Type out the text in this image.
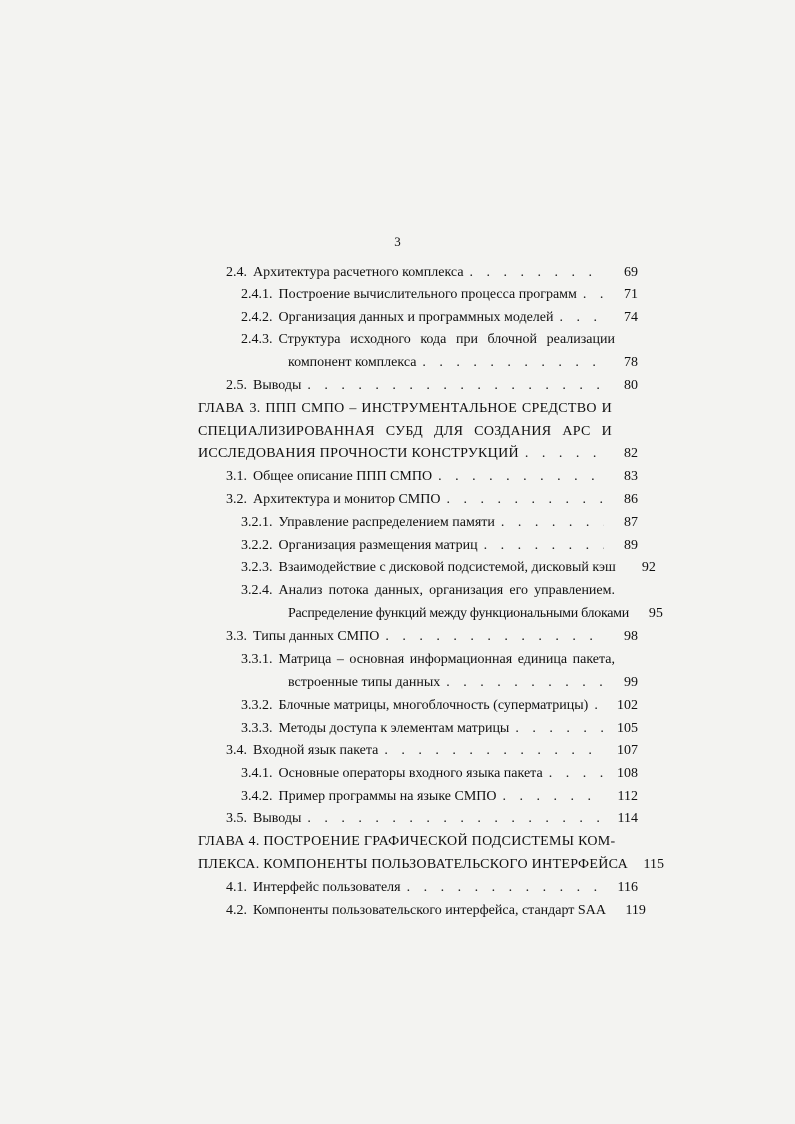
3
2.4. Архитектура расчетного комплекса . . .	69
2.4.1. Построение вычислительного процесса программ . . .	71
2.4.2. Организация данных и программных моделей . . .	74
2.4.3. Структура исходного кода при блочной реализации
компонент комплекса . . .	78
2.5. Выводы . . .	80
ГЛАВА 3. ППП СМПО – ИНСТРУМЕНТАЛЬНОЕ СРЕДСТВО И
СПЕЦИАЛИЗИРОВАННАЯ СУБД ДЛЯ СОЗДАНИЯ АРС И
ИССЛЕДОВАНИЯ ПРОЧНОСТИ КОНСТРУКЦИЙ . . .	82
3.1. Общее описание ППП СМПО . . .	83
3.2. Архитектура и монитор СМПО . . .	86
3.2.1. Управление распределением памяти . . .	87
3.2.2. Организация размещения матриц . . .	89
3.2.3. Взаимодействие с дисковой подсистемой, дисковый кэш	92
3.2.4. Анализ потока данных, организация его управлением.
Распределение функций между функциональными блоками	95
3.3. Типы данных СМПО . . .	98
3.3.1. Матрица – основная информационная единица пакета,
встроенные типы данных . . .	99
3.3.2. Блочные матрицы, многоблочность (суперматрицы) . . .	102
3.3.3. Методы доступа к элементам матрицы . . .	105
3.4. Входной язык пакета . . .	107
3.4.1. Основные операторы входного языка пакета . . .	108
3.4.2. Пример программы на языке СМПО . . .	112
3.5. Выводы . . .	114
ГЛАВА 4. ПОСТРОЕНИЕ ГРАФИЧЕСКОЙ ПОДСИСТЕМЫ КОМ-
ПЛЕКСА. КОМПОНЕНТЫ ПОЛЬЗОВАТЕЛЬСКОГО ИНТЕРФЕЙСА	115
4.1. Интерфейс пользователя . . .	116
4.2. Компоненты пользовательского интерфейса, стандарт SAA	119
